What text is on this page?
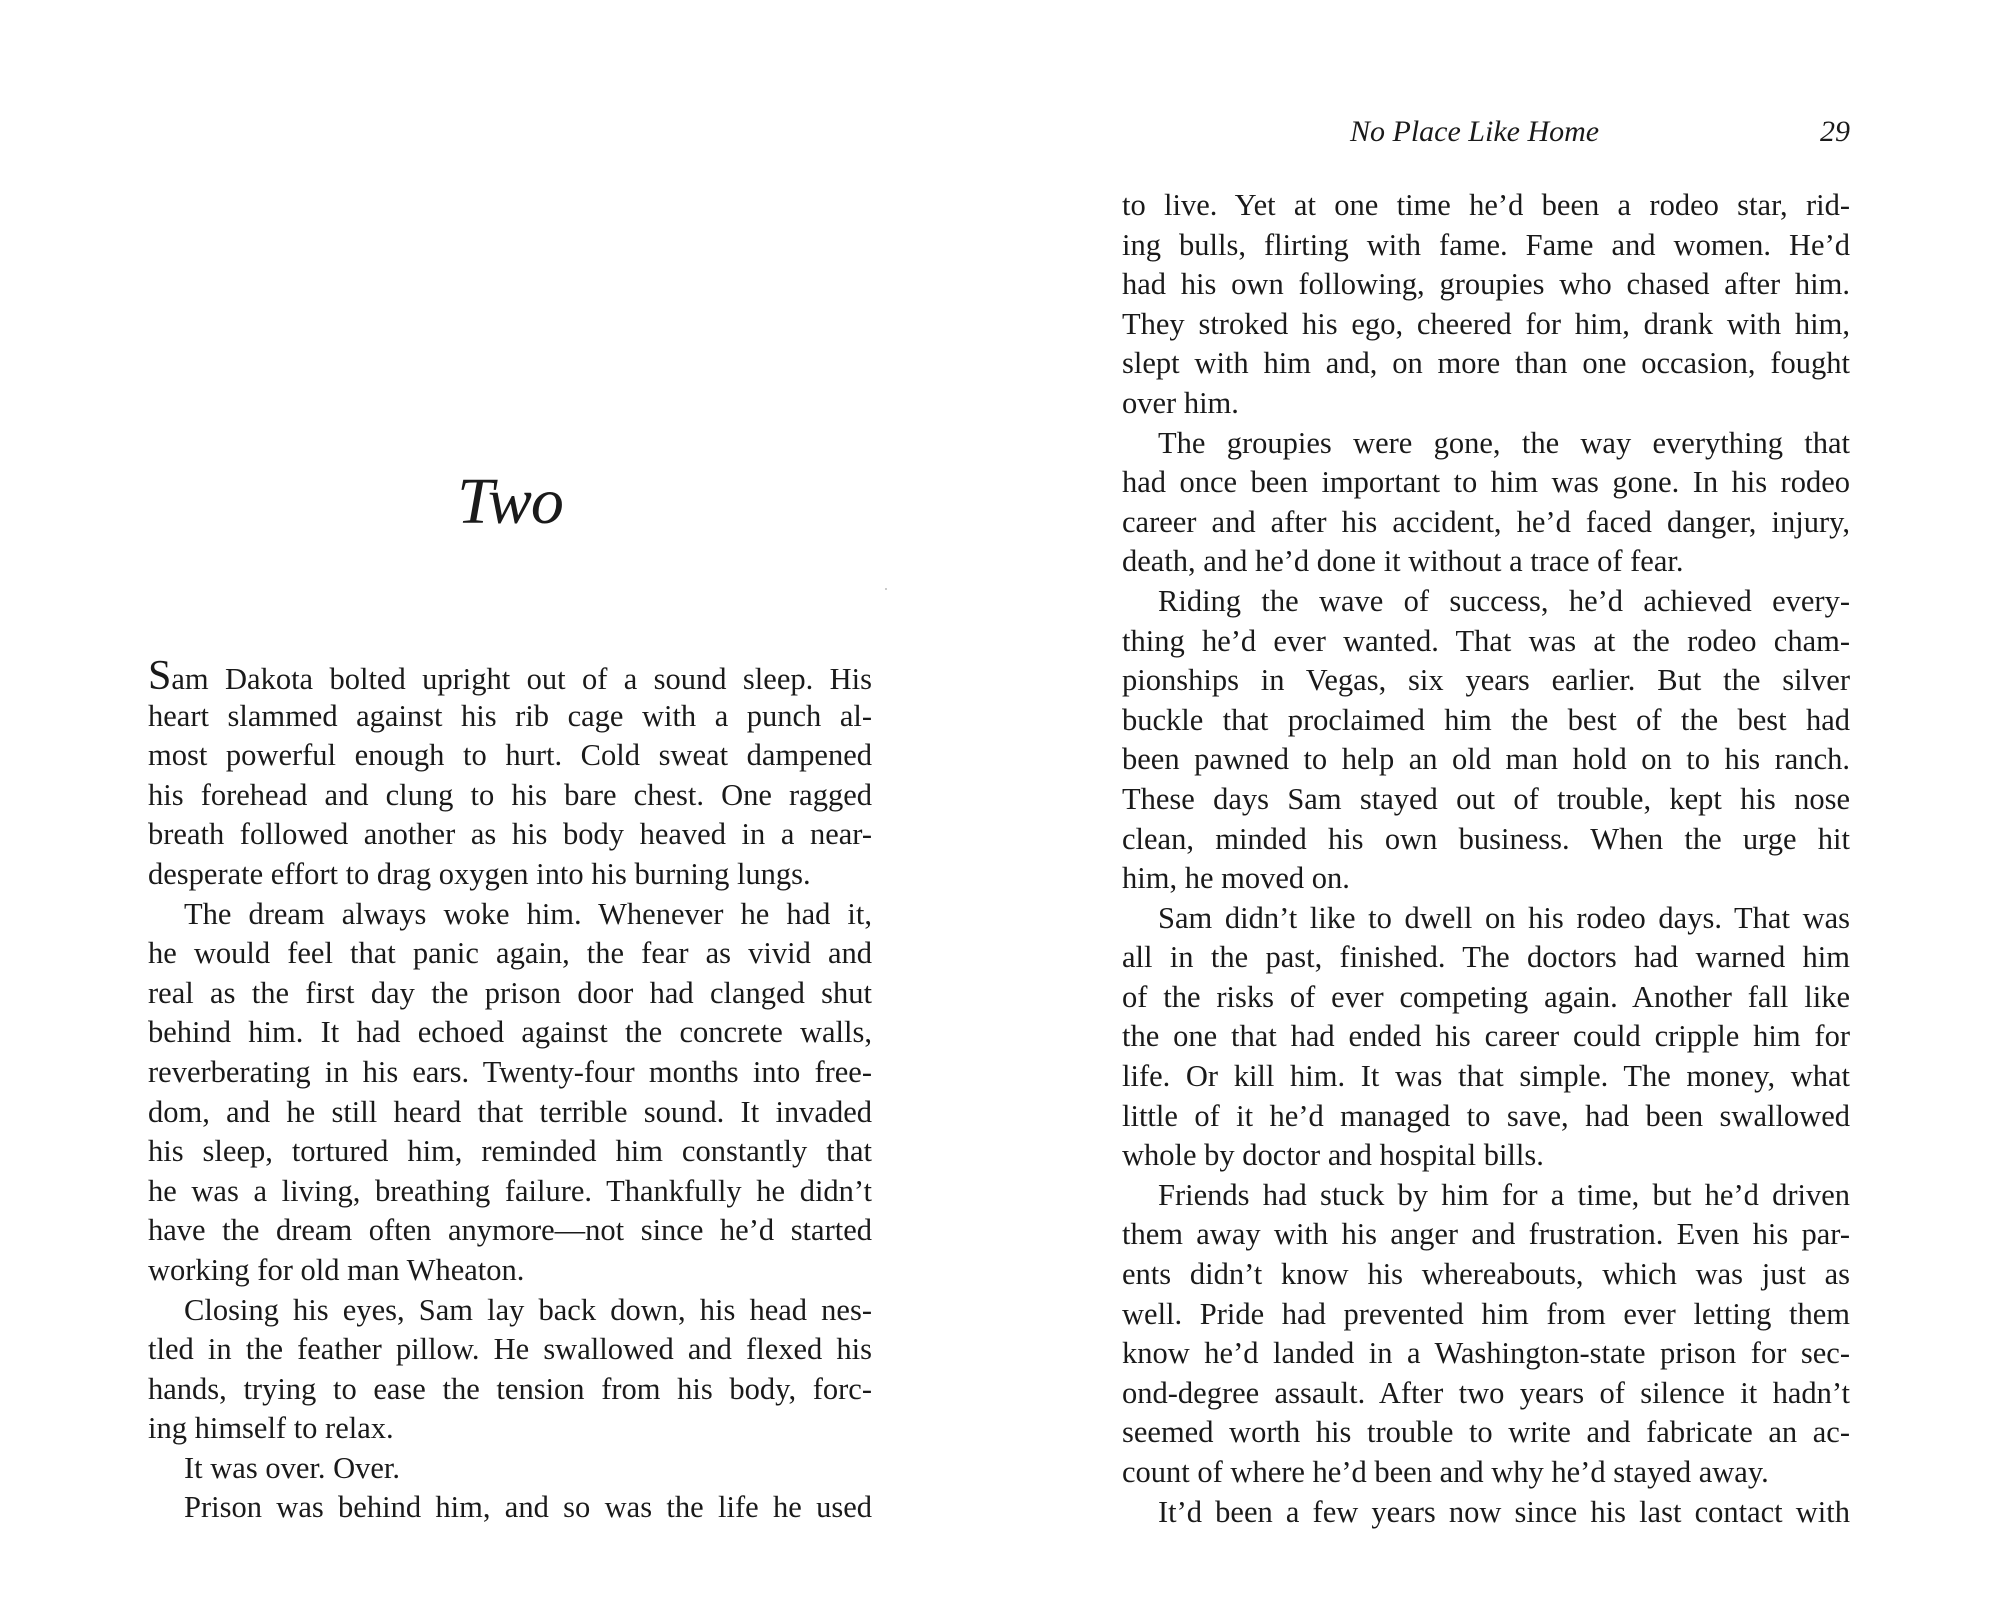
Two
Sam Dakota bolted upright out of a sound sleep. His
heart slammed against his rib cage with a punch al-
most powerful enough to hurt. Cold sweat dampened
his forehead and clung to his bare chest. One ragged
breath followed another as his body heaved in a near-
desperate effort to drag oxygen into his burning lungs.
The dream always woke him. Whenever he had it,
he would feel that panic again, the fear as vivid and
real as the first day the prison door had clanged shut
behind him. It had echoed against the concrete walls,
reverberating in his ears. Twenty-four months into free-
dom, and he still heard that terrible sound. It invaded
his sleep, tortured him, reminded him constantly that
he was a living, breathing failure. Thankfully he didn’t
have the dream often anymore—not since he’d started
working for old man Wheaton.
Closing his eyes, Sam lay back down, his head nes-
tled in the feather pillow. He swallowed and flexed his
hands, trying to ease the tension from his body, forc-
ing himself to relax.
It was over. Over.
Prison was behind him, and so was the life he used
No Place Like Home	29
to live. Yet at one time he’d been a rodeo star, rid-
ing bulls, flirting with fame. Fame and women. He’d
had his own following, groupies who chased after him.
They stroked his ego, cheered for him, drank with him,
slept with him and, on more than one occasion, fought
over him.
The groupies were gone, the way everything that
had once been important to him was gone. In his rodeo
career and after his accident, he’d faced danger, injury,
death, and he’d done it without a trace of fear.
Riding the wave of success, he’d achieved every-
thing he’d ever wanted. That was at the rodeo cham-
pionships in Vegas, six years earlier. But the silver
buckle that proclaimed him the best of the best had
been pawned to help an old man hold on to his ranch.
These days Sam stayed out of trouble, kept his nose
clean, minded his own business. When the urge hit
him, he moved on.
Sam didn’t like to dwell on his rodeo days. That was
all in the past, finished. The doctors had warned him
of the risks of ever competing again. Another fall like
the one that had ended his career could cripple him for
life. Or kill him. It was that simple. The money, what
little of it he’d managed to save, had been swallowed
whole by doctor and hospital bills.
Friends had stuck by him for a time, but he’d driven
them away with his anger and frustration. Even his par-
ents didn’t know his whereabouts, which was just as
well. Pride had prevented him from ever letting them
know he’d landed in a Washington-state prison for sec-
ond-degree assault. After two years of silence it hadn’t
seemed worth his trouble to write and fabricate an ac-
count of where he’d been and why he’d stayed away.
It’d been a few years now since his last contact with
